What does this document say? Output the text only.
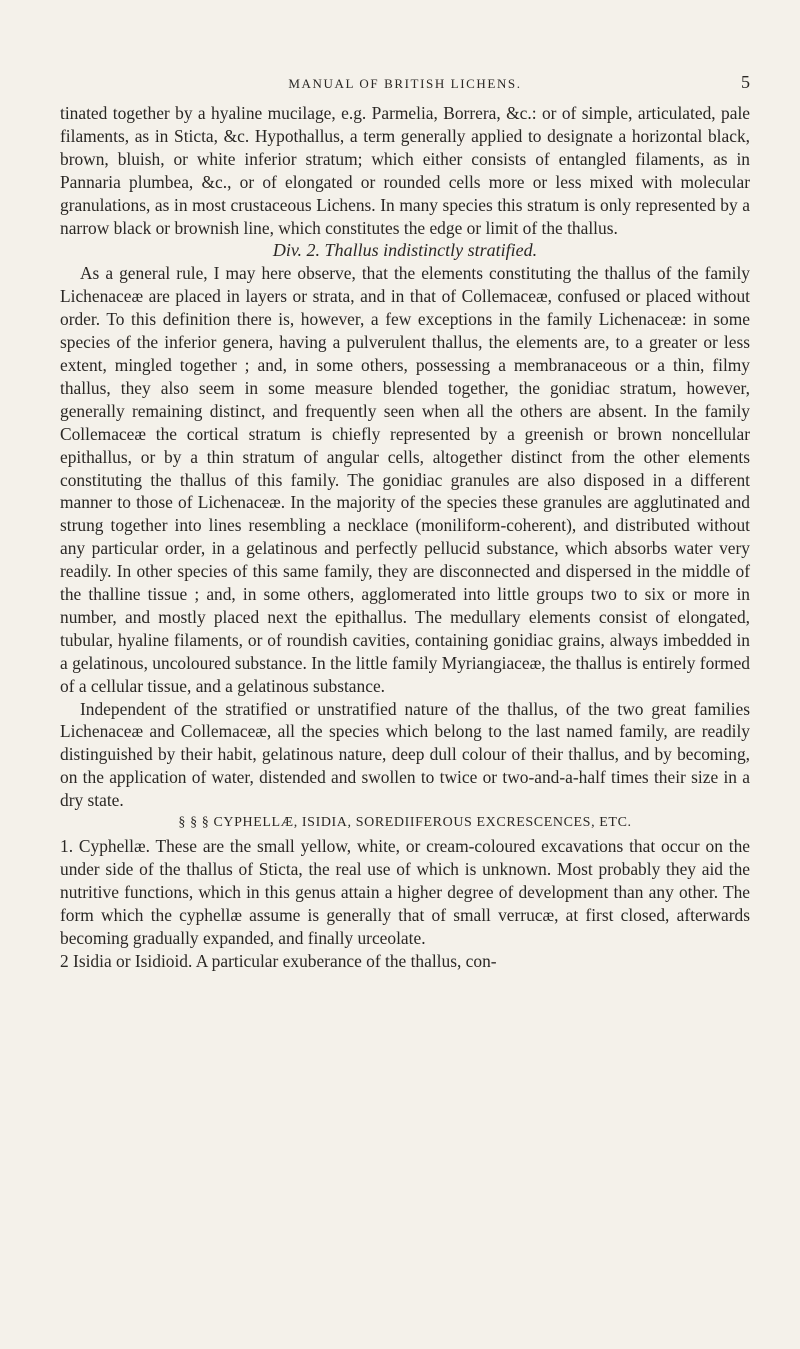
MANUAL OF BRITISH LICHENS.	5

tinated together by a hyaline mucilage, e.g. Parmelia, Borrera, &c.: or of simple, articulated, pale filaments, as in Sticta, &c. Hypothallus, a term generally applied to designate a horizontal black, brown, bluish, or white inferior stratum; which either consists of entangled filaments, as in Pannaria plumbea, &c., or of elongated or rounded cells more or less mixed with molecular granulations, as in most crustaceous Lichens. In many species this stratum is only represented by a narrow black or brownish line, which constitutes the edge or limit of the thallus.

Div. 2. Thallus indistinctly stratified.

As a general rule, I may here observe, that the elements constituting the thallus of the family Lichenaceæ are placed in layers or strata, and in that of Collemaceæ, confused or placed without order. To this definition there is, however, a few exceptions in the family Lichenaceæ: in some species of the inferior genera, having a pulverulent thallus, the elements are, to a greater or less extent, mingled together ; and, in some others, possessing a membranaceous or a thin, filmy thallus, they also seem in some measure blended together, the gonidiac stratum, however, generally remaining distinct, and frequently seen when all the others are absent. In the family Collemaceæ the cortical stratum is chiefly represented by a greenish or brown noncellular epithallus, or by a thin stratum of angular cells, altogether distinct from the other elements constituting the thallus of this family. The gonidiac granules are also disposed in a different manner to those of Lichenaceæ. In the majority of the species these granules are agglutinated and strung together into lines resembling a necklace (moniliform-coherent), and distributed without any particular order, in a gelatinous and perfectly pellucid substance, which absorbs water very readily. In other species of this same family, they are disconnected and dispersed in the middle of the thalline tissue ; and, in some others, agglomerated into little groups two to six or more in number, and mostly placed next the epithallus. The medullary elements consist of elongated, tubular, hyaline filaments, or of roundish cavities, containing gonidiac grains, always imbedded in a gelatinous, uncoloured substance. In the little family Myriangiaceæ, the thallus is entirely formed of a cellular tissue, and a gelatinous substance.

Independent of the stratified or unstratified nature of the thallus, of the two great families Lichenaceæ and Collemaceæ, all the species which belong to the last named family, are readily distinguished by their habit, gelatinous nature, deep dull colour of their thallus, and by becoming, on the application of water, distended and swollen to twice or two-and-a-half times their size in a dry state.

§ § § CYPHELLÆ, ISIDIA, SOREDIIFEROUS EXCRESCENCES, ETC.

1. Cyphellæ. These are the small yellow, white, or cream-coloured excavations that occur on the under side of the thallus of Sticta, the real use of which is unknown. Most probably they aid the nutritive functions, which in this genus attain a higher degree of development than any other. The form which the cyphellæ assume is generally that of small verrucæ, at first closed, afterwards becoming gradually expanded, and finally urceolate.

2 Isidia or Isidioid. A particular exuberance of the thallus, con-
